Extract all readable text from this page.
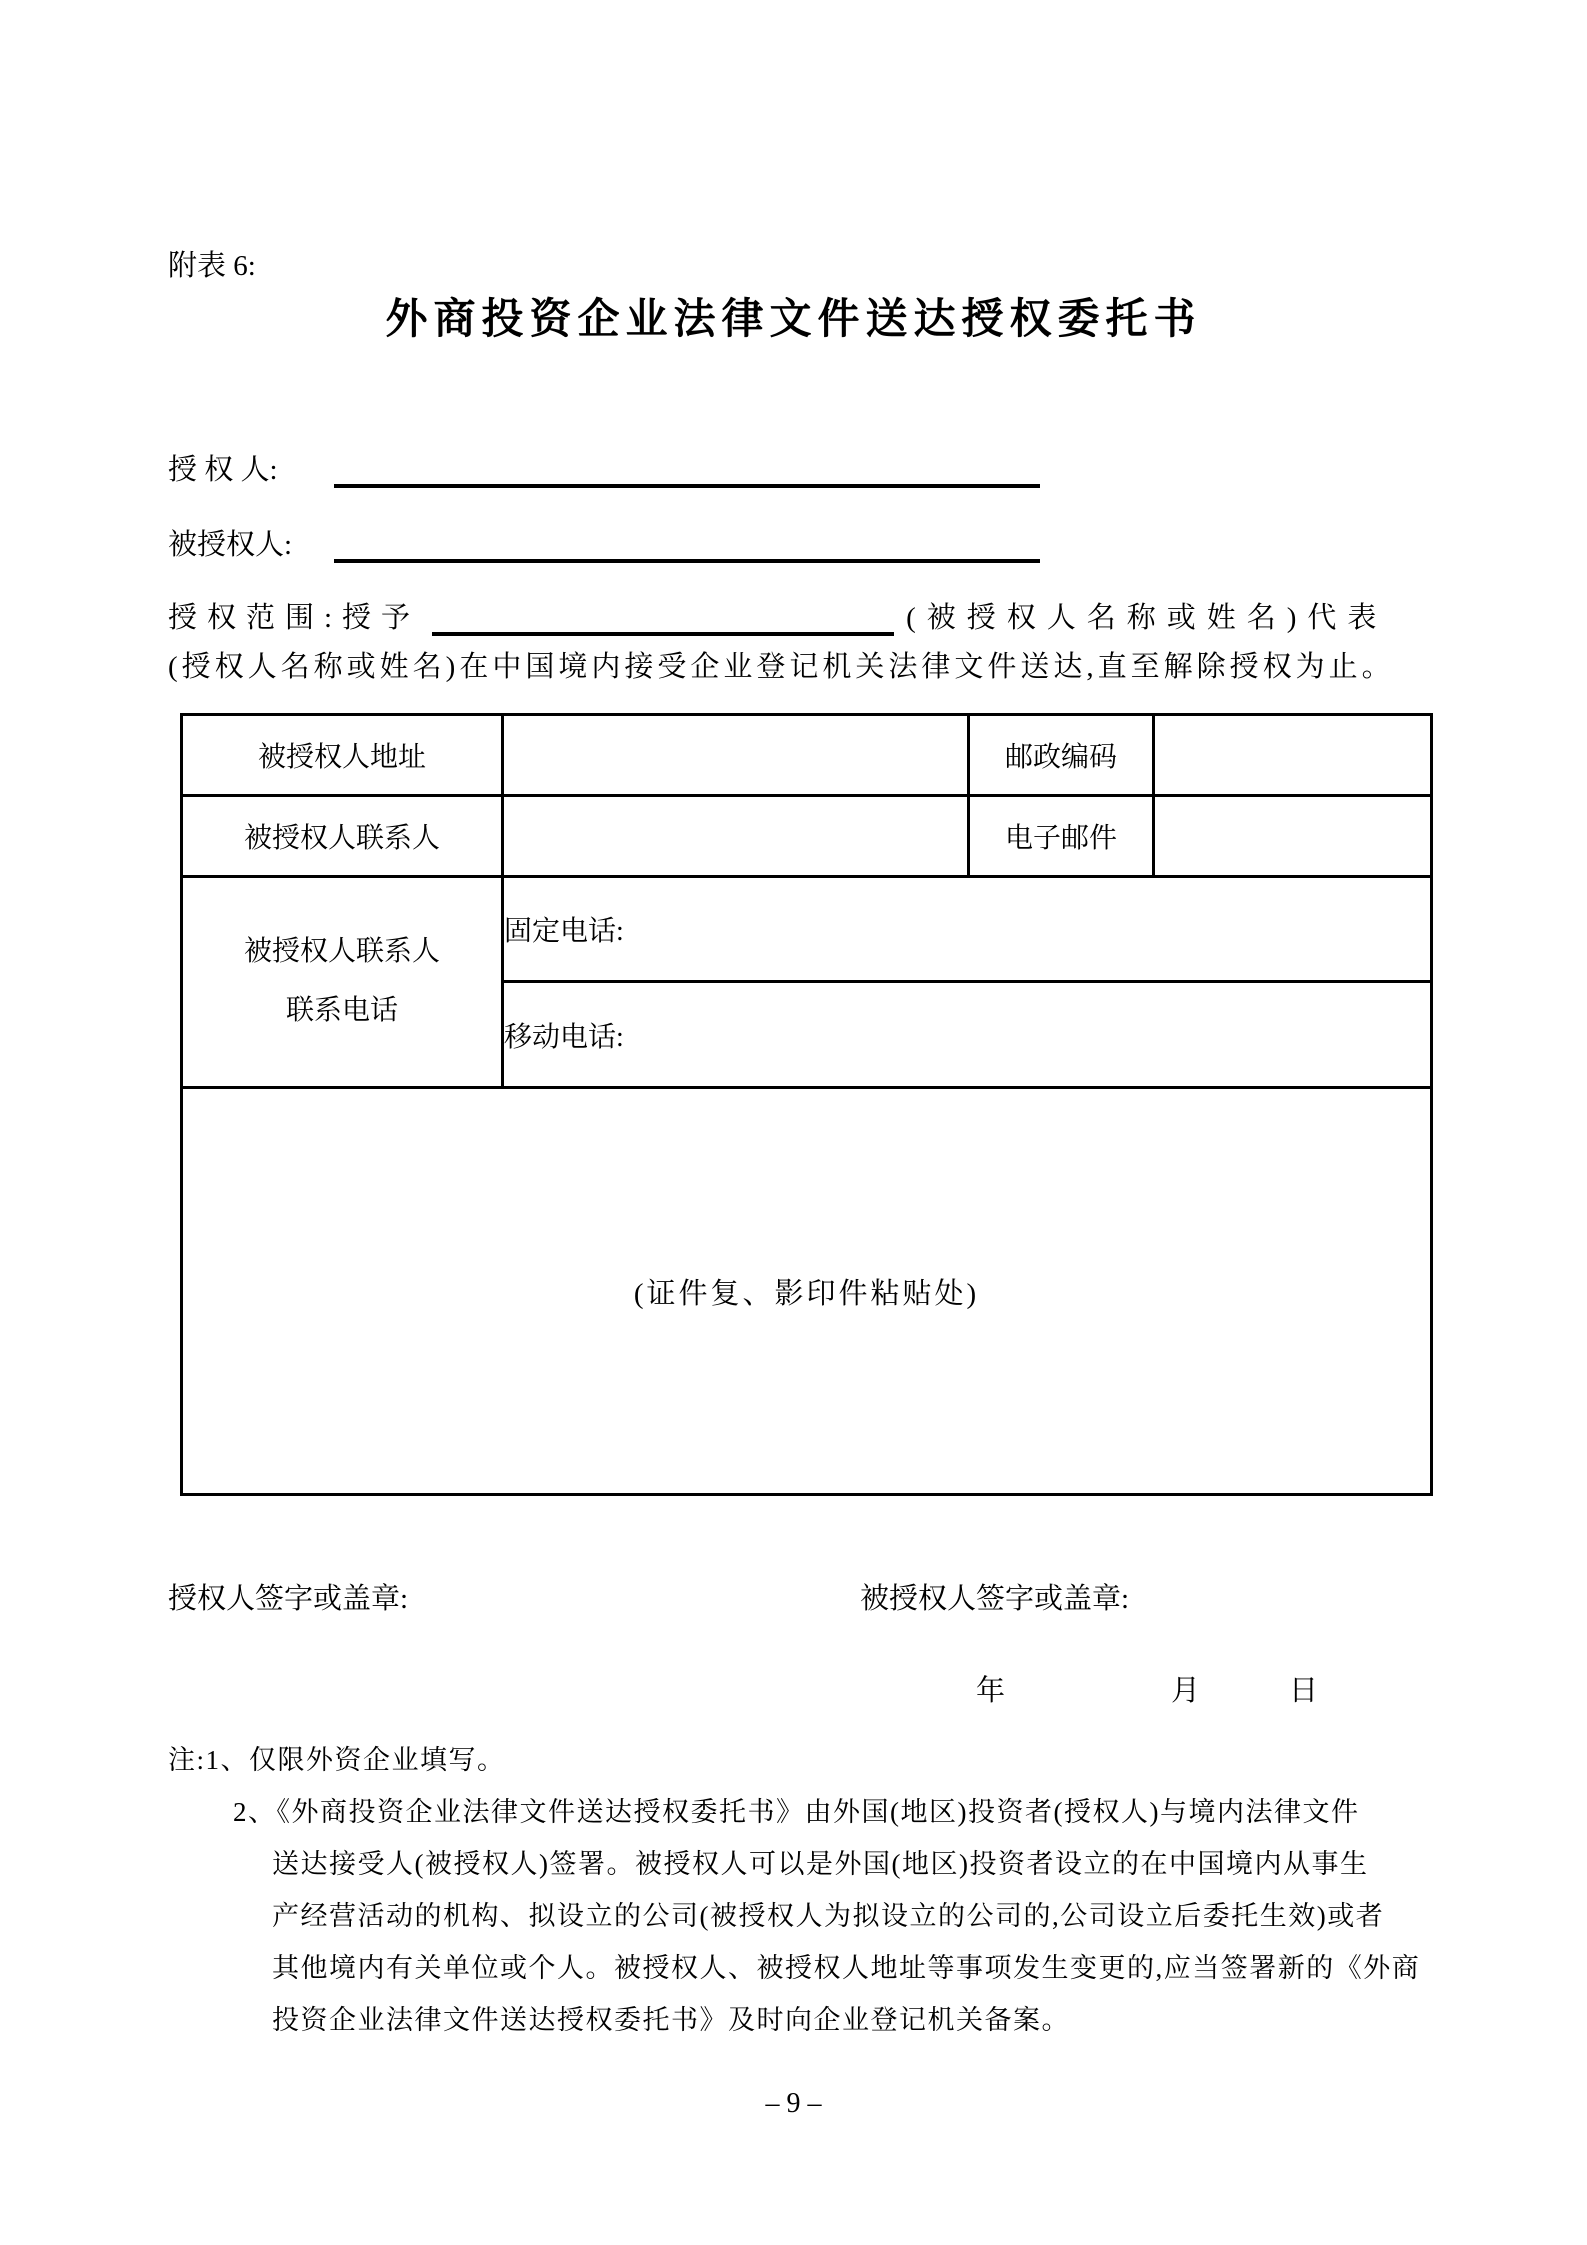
附表 6:
外商投资企业法律文件送达授权委托书
授 权 人:
被授权人:
授权范围:授予	(被授权人名称或姓名)代表
(授权人名称或姓名)在中国境内接受企业登记机关法律文件送达,直至解除授权为止。
被授权人地址		邮政编码	
被授权人联系人		电子邮件	

被授权人联系人
联系电话	固定电话:		
	移动电话:		
(证件复、影印件粘贴处)			
授权人签字或盖章:	被授权人签字或盖章:
年	月	日
注:1、仅限外资企业填写。
2、《外商投资企业法律文件送达授权委托书》由外国(地区)投资者(授权人)与境内法律文件
送达接受人(被授权人)签署。被授权人可以是外国(地区)投资者设立的在中国境内从事生
产经营活动的机构、拟设立的公司(被授权人为拟设立的公司的,公司设立后委托生效)或者
其他境内有关单位或个人。被授权人、被授权人地址等事项发生变更的,应当签署新的《外商
投资企业法律文件送达授权委托书》及时向企业登记机关备案。
– 9 –
